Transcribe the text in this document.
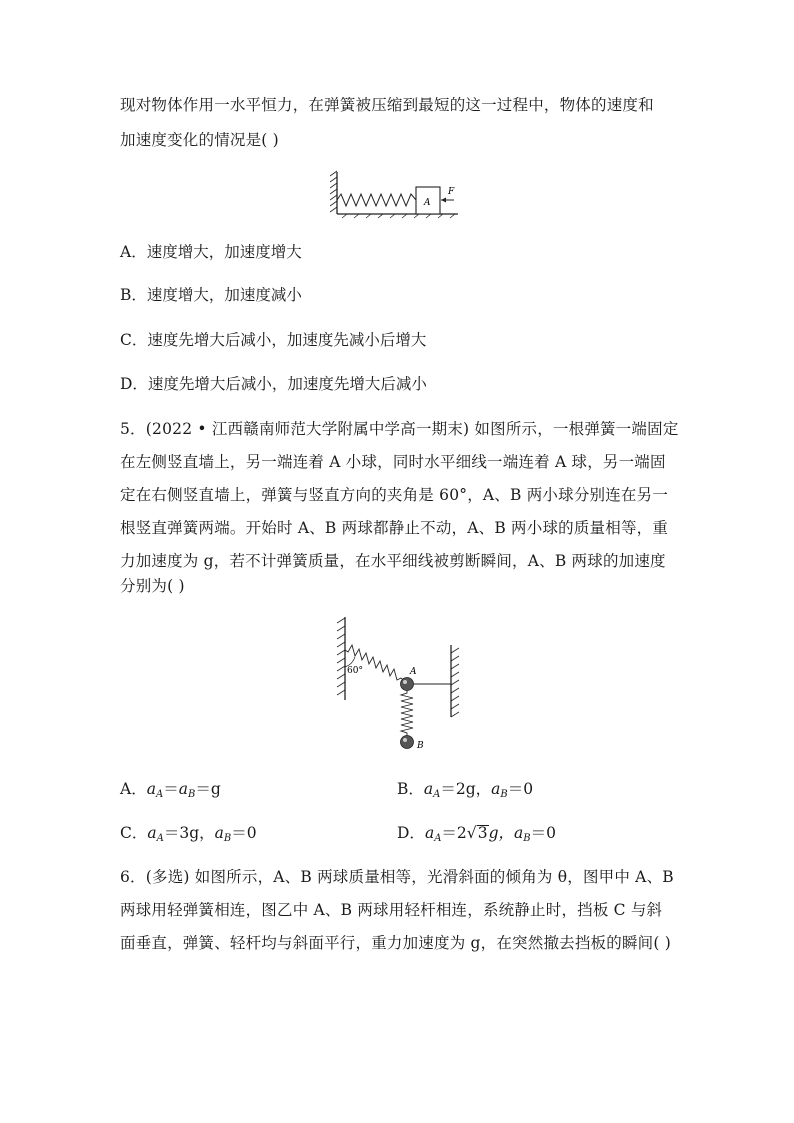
现对物体作用一水平恒力，在弹簧被压缩到最短的这一过程中，物体的速度和
加速度变化的情况是( )
A
F
A．速度增大，加速度增大
B．速度增大，加速度减小
C．速度先增大后减小，加速度先减小后增大
D．速度先增大后减小，加速度先增大后减小
5．(2022 • 江西赣南师范大学附属中学高一期末) 如图所示，一根弹簧一端固定
在左侧竖直墙上，另一端连着 A 小球，同时水平细线一端连着 A 球，另一端固
定在右侧竖直墙上，弹簧与竖直方向的夹角是 60°，A、B 两小球分别连在另一
根竖直弹簧两端。开始时 A、B 两球都静止不动，A、B 两小球的质量相等，重
力加速度为 g，若不计弹簧质量，在水平细线被剪断瞬间，A、B 两球的加速度
分别为( )
60°	A
B
A．$a_A=a_B=g$	B．$a_A=2g$，$a_B=0$
C．$a_A=3g$，$a_B=0$	D．$a_A=2√3g$，$a_B=0$
6．(多选) 如图所示，A、B 两球质量相等，光滑斜面的倾角为 θ，图甲中 A、B
两球用轻弹簧相连，图乙中 A、B 两球用轻杆相连，系统静止时，挡板 C 与斜
面垂直，弹簧、轻杆均与斜面平行，重力加速度为 g，在突然撤去挡板的瞬间( )
